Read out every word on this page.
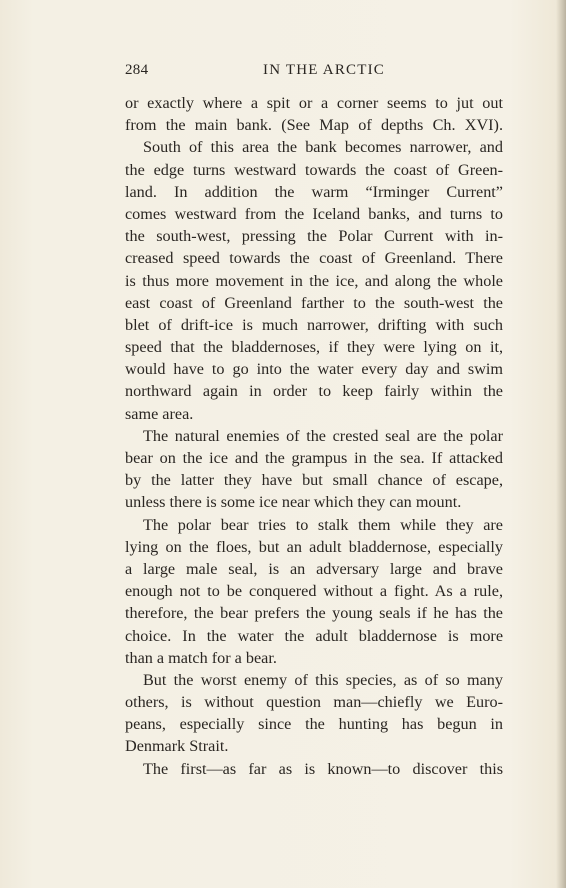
284	IN THE ARCTIC
or exactly where a spit or a corner seems to jut out
from the main bank. (See Map of depths Ch. XVI).
South of this area the bank becomes narrower, and
the edge turns westward towards the coast of Green-
land. In addition the warm “Irminger Current”
comes westward from the Iceland banks, and turns to
the south-west, pressing the Polar Current with in-
creased speed towards the coast of Greenland. There
is thus more movement in the ice, and along the whole
east coast of Greenland farther to the south-west the
blet of drift-ice is much narrower, drifting with such
speed that the bladdernoses, if they were lying on it,
would have to go into the water every day and swim
northward again in order to keep fairly within the
same area.
The natural enemies of the crested seal are the polar
bear on the ice and the grampus in the sea. If attacked
by the latter they have but small chance of escape,
unless there is some ice near which they can mount.
The polar bear tries to stalk them while they are
lying on the floes, but an adult bladdernose, especially
a large male seal, is an adversary large and brave
enough not to be conquered without a fight. As a rule,
therefore, the bear prefers the young seals if he has the
choice. In the water the adult bladdernose is more
than a match for a bear.
But the worst enemy of this species, as of so many
others, is without question man—chiefly we Euro-
peans, especially since the hunting has begun in
Denmark Strait.
The first—as far as is known—to discover this
